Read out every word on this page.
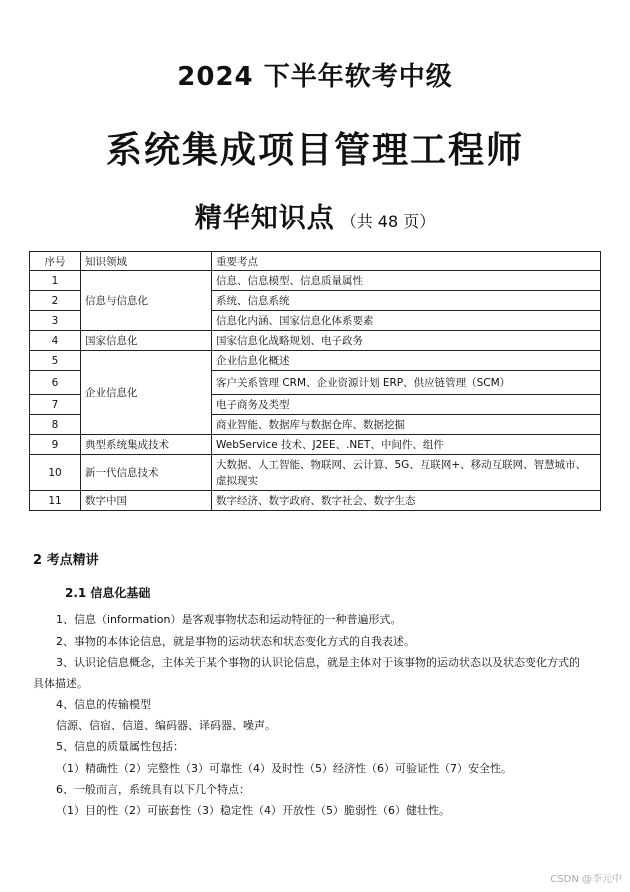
2024 下半年软考中级
系统集成项目管理工程师
精华知识点 （共 48 页）
序号	知识领域	重要考点
1	信息与信息化	信息、信息模型、信息质量属性
2		系统、信息系统
3		信息化内涵、国家信息化体系要素
4	国家信息化	国家信息化战略规划、电子政务
5	企业信息化	企业信息化概述
6		客户关系管理 CRM、企业资源计划 ERP、供应链管理（SCM）
7		电子商务及类型
8		商业智能、数据库与数据仓库、数据挖掘
9	典型系统集成技术	WebService 技术、J2EE、.NET、中间件、组件
10	新一代信息技术	大数据、人工智能、物联网、云计算、5G、互联网+、移动互联网、智慧城市、虚拟现实
11	数字中国	数字经济、数字政府、数字社会、数字生态
2 考点精讲
2.1 信息化基础
1、信息（information）是客观事物状态和运动特征的一种普遍形式。
2、事物的本体论信息，就是事物的运动状态和状态变化方式的自我表述。
3、认识论信息概念，主体关于某个事物的认识论信息，就是主体对于该事物的运动状态以及状态变化方式的
具体描述。
4、信息的传输模型
信源、信宿、信道、编码器、译码器、噪声。
5、信息的质量属性包括：
（1）精确性（2）完整性（3）可靠性（4）及时性（5）经济性（6）可验证性（7）安全性。
6、一般而言，系统具有以下几个特点：
（1）目的性（2）可嵌套性（3）稳定性（4）开放性（5）脆弱性（6）健壮性。
CSDN @李元中
